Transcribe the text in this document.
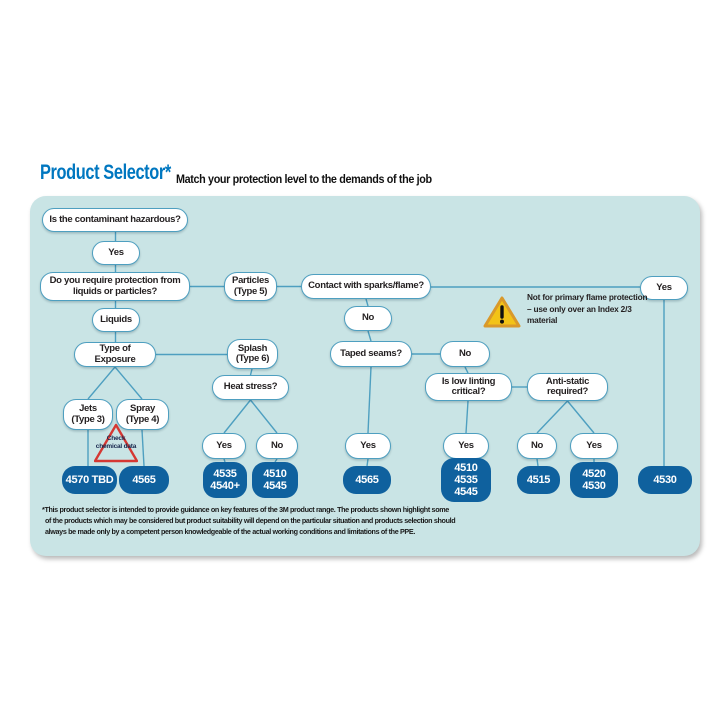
Product Selector* Match your protection level to the demands of the job
Is the contaminant hazardous?
Yes
Do you require protection from liquids or particles?
Particles (Type 5)	Contact with sparks/flame?	Yes
Liquids	No
Type of Exposure
Splash (Type 6)	Taped seams?	No
Heat stress?
Is low linting critical?
Anti-static required?
Jets (Type 3)
Spray (Type 4)
Yes	No	Yes	Yes	No	Yes
4570 TBD	4565	4535 4540+
4510 4545	4565
4510 4535 4545
4515	4520 4530	4530
Check chemical data
Not for primary flame protection – use only over an Index 2/3 material
*This product selector is intended to provide guidance on key features of the 3M product range. The products shown highlight some
of the products which may be considered but product suitability will depend on the particular situation and products selection should
always be made only by a competent person knowledgeable of the actual working conditions and limitations of the PPE.
